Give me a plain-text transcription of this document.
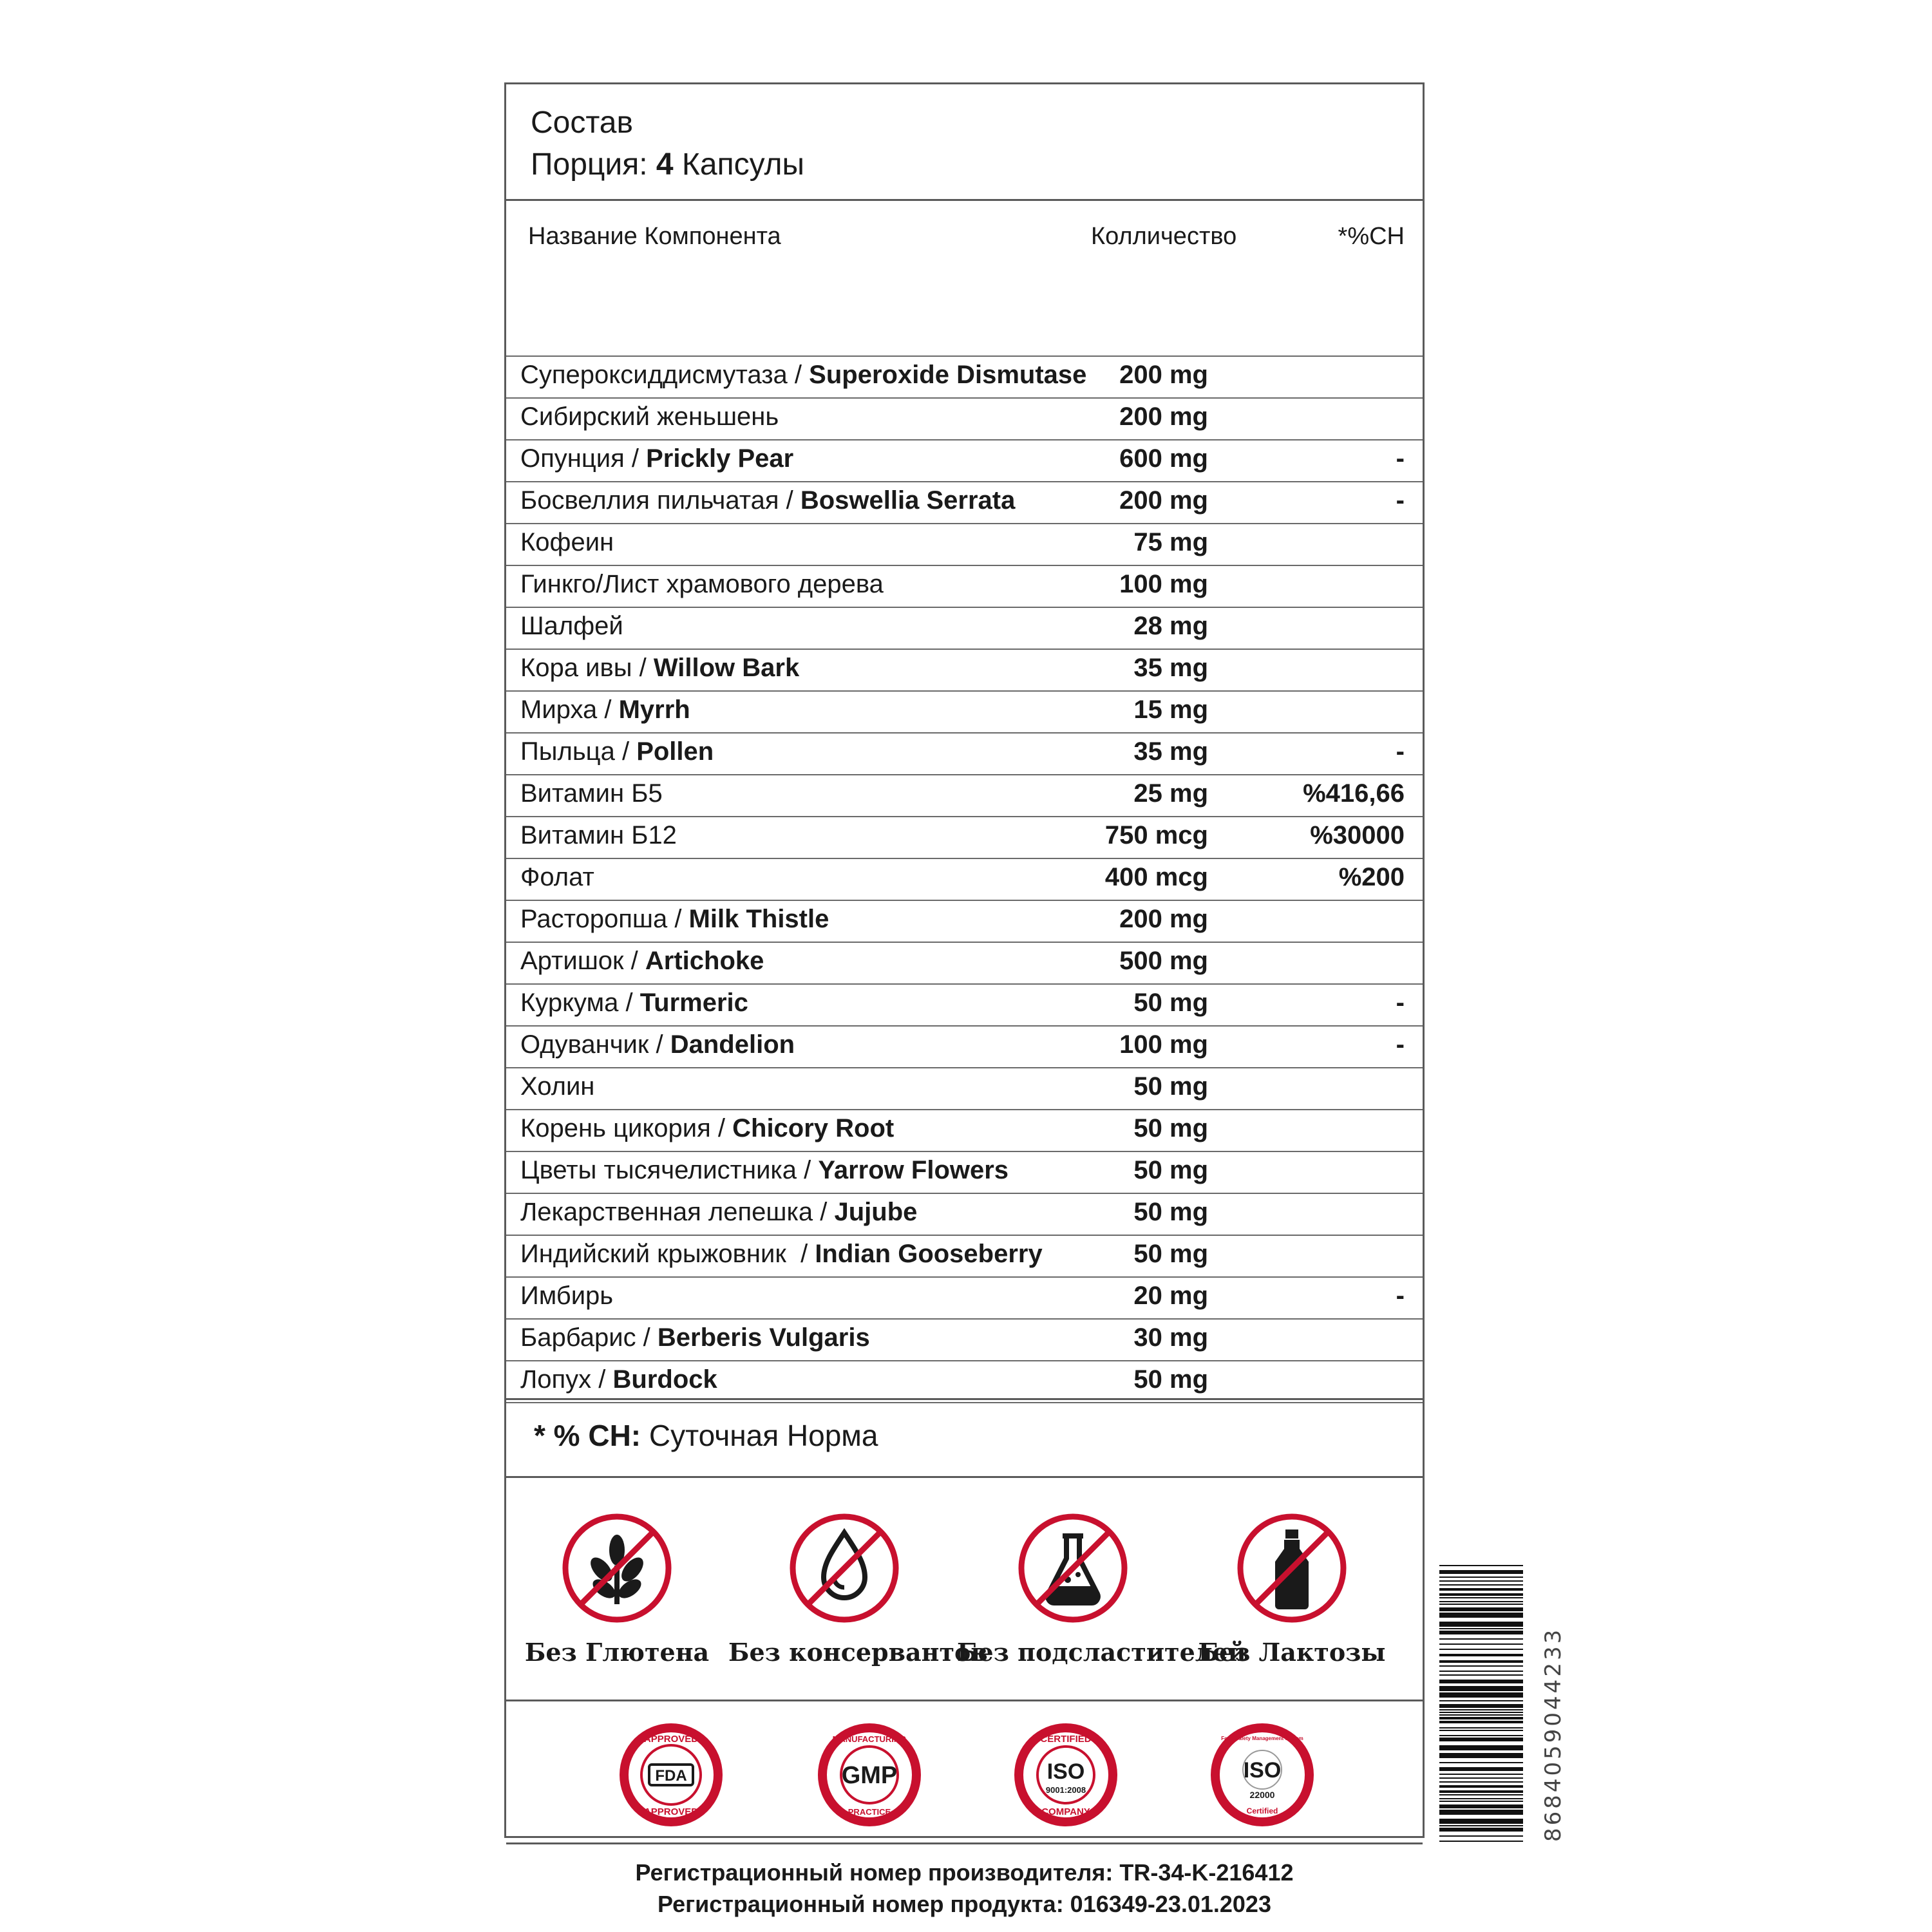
Состав
Порция: 4 Капсулы
Название Компонента	Колличество	*%СН
Супероксиддисмутаза / Superoxide Dismutase 200 mg
Сибирский женьшень	200 mg
Опунция / Prickly Pear	600 mg	-
Босвеллия пильчатая / Boswellia Serrata	200 mg	-
Кофеин	75 mg
Гинкго/Лист храмового дерева	100 mg
Шалфей	28 mg
Кора ивы / Willow Bark	35 mg
Мирха / Myrrh	15 mg
Пыльца / Pollen	35 mg	-
Витамин Б5	25 mg	%416,66
Витамин Б12	750 mcg	%30000
Фолат	400 mcg	%200
Расторопша / Milk Thistle	200 mg
Артишок / Artichoke	500 mg
Куркума / Turmeric	50 mg	-
Одуванчик / Dandelion	100 mg	-
Холин	50 mg
Корень цикория / Chicory Root	50 mg
Цветы тысячелистника / Yarrow Flowers	50 mg
Лекарственная лепешка / Jujube	50 mg
Индийский крыжовник  / Indian Gooseberry	50 mg
Имбирь	20 mg	-
Барбарис / Berberis Vulgaris	30 mg
Лопух / Burdock	50 mg
* % СН: Суточная Норма
Без Глютена Без консервантов
Без подсластителей
Без Лактозы
FDA
APPROVED
APPROVED
GMP
MANUFACTURING
PRACTICE
ISO
9001:2008
CERTIFIED
COMPANY
ISO
22000
Food Safety Management System
Certified
Регистрационный номер производителя: TR-34-K-216412
Регистрационный номер продукта: 016349-23.01.2023
8684059044233
